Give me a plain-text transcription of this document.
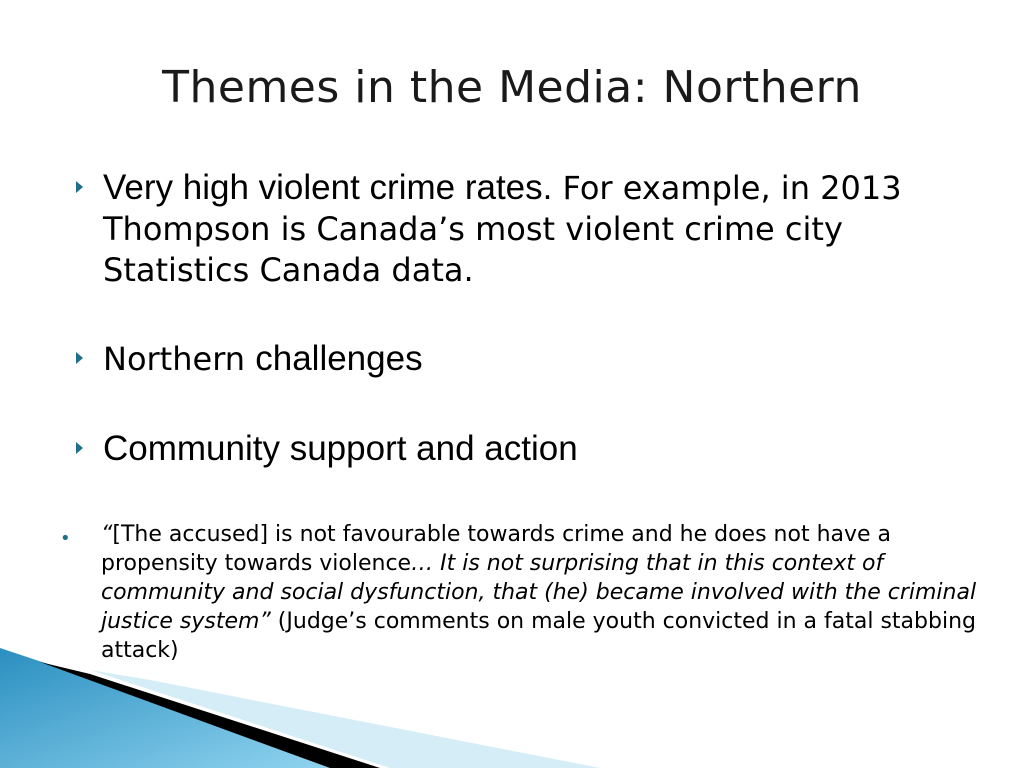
Themes in the Media: Northern
Very high violent crime rates. For example, in 2013 Thompson is Canada’s most violent crime city Statistics Canada data.
Northern challenges
Community support and action
• “[The accused] is not favourable towards crime and he does not have a propensity towards violence… It is not surprising that in this context of community and social dysfunction, that (he) became involved with the criminal justice system” (Judge’s comments on male youth convicted in a fatal stabbing attack)
